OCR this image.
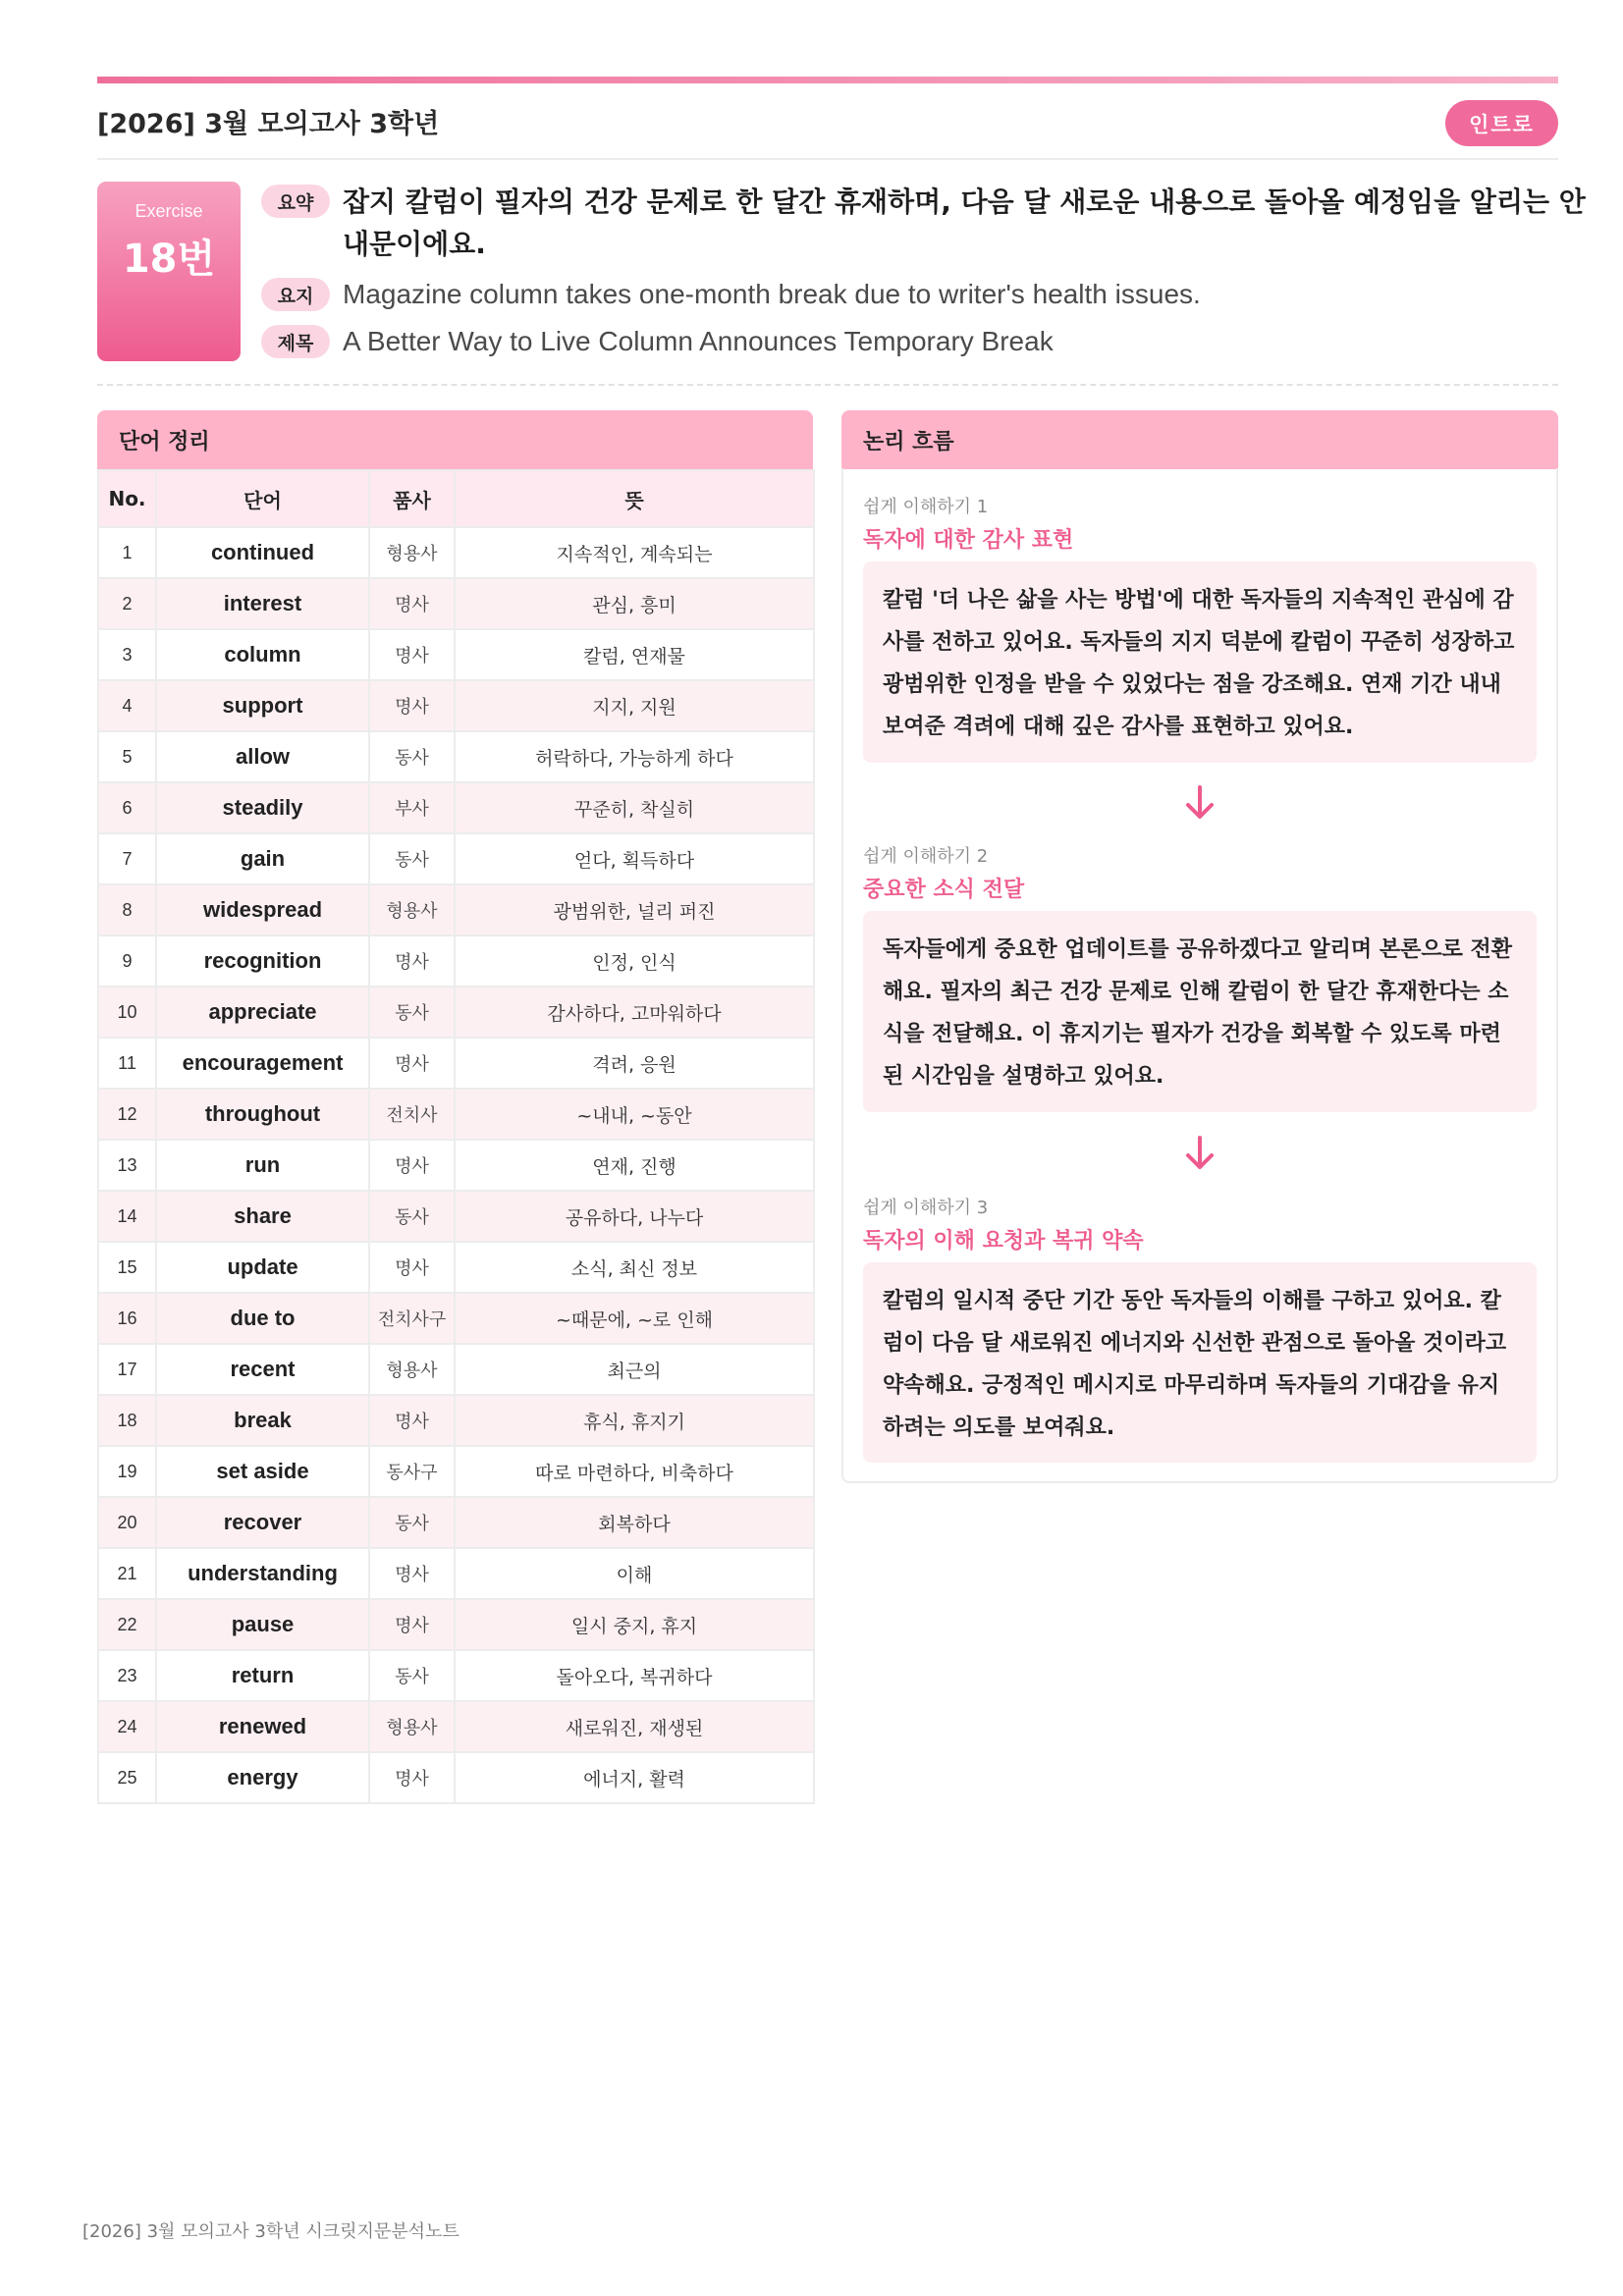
[2026] 3월 모의고사 3학년	인트로
Exercise
18번
요약	잡지 칼럼이 필자의 건강 문제로 한 달간 휴재하며, 다음 달 새로운 내용으로 돌아올 예정임을 알리는 안내문이에요.
요지	Magazine column takes one-month break due to writer's health issues.
제목	A Better Way to Live Column Announces Temporary Break
단어 정리
No.	단어	품사	뜻
1	continued	형용사	지속적인, 계속되는
2	interest	명사	관심, 흥미
3	column	명사	칼럼, 연재물
4	support	명사	지지, 지원
5	allow	동사	허락하다, 가능하게 하다
6	steadily	부사	꾸준히, 착실히
7	gain	동사	얻다, 획득하다
8	widespread	형용사	광범위한, 널리 퍼진
9	recognition	명사	인정, 인식
10	appreciate	동사	감사하다, 고마워하다
11	encouragement	명사	격려, 응원
12	throughout	전치사	~내내, ~동안
13	run	명사	연재, 진행
14	share	동사	공유하다, 나누다
15	update	명사	소식, 최신 정보
16	due to	전치사구	~때문에, ~로 인해
17	recent	형용사	최근의
18	break	명사	휴식, 휴지기
19	set aside	동사구	따로 마련하다, 비축하다
20	recover	동사	회복하다
21	understanding	명사	이해
22	pause	명사	일시 중지, 휴지
23	return	동사	돌아오다, 복귀하다
24	renewed	형용사	새로워진, 재생된
25	energy	명사	에너지, 활력
논리 흐름
쉽게 이해하기 1
독자에 대한 감사 표현
칼럼 '더 나은 삶을 사는 방법'에 대한 독자들의 지속적인 관심에 감사를 전하고 있어요. 독자들의 지지 덕분에 칼럼이 꾸준히 성장하고 광범위한 인정을 받을 수 있었다는 점을 강조해요. 연재 기간 내내 보여준 격려에 대해 깊은 감사를 표현하고 있어요.
쉽게 이해하기 2
중요한 소식 전달
독자들에게 중요한 업데이트를 공유하겠다고 알리며 본론으로 전환해요. 필자의 최근 건강 문제로 인해 칼럼이 한 달간 휴재한다는 소식을 전달해요. 이 휴지기는 필자가 건강을 회복할 수 있도록 마련된 시간임을 설명하고 있어요.
쉽게 이해하기 3
독자의 이해 요청과 복귀 약속
칼럼의 일시적 중단 기간 동안 독자들의 이해를 구하고 있어요. 칼럼이 다음 달 새로워진 에너지와 신선한 관점으로 돌아올 것이라고 약속해요. 긍정적인 메시지로 마무리하며 독자들의 기대감을 유지하려는 의도를 보여줘요.
[2026] 3월 모의고사 3학년 시크릿지문분석노트
